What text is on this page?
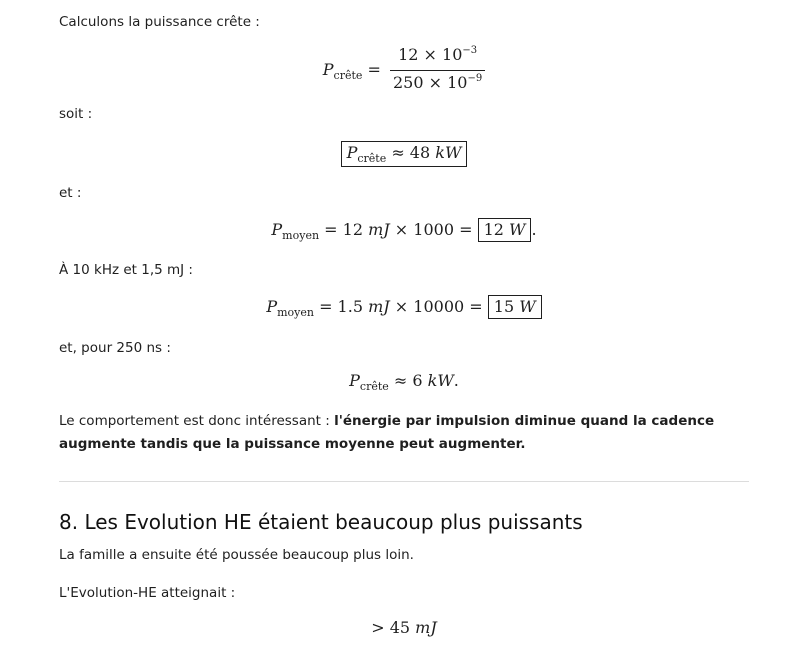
Calculons la puissance crête :
$P_{crête} = \frac{12 \times 10^{-3}}{250 \times 10^{-9}}$
soit :
$P_{crête} \approx 48$ kW
et :
$P_{moyen} = 12$ mJ × 1000 = 12 W .
À 10 kHz et 1,5 mJ :
$P_{moyen} = 1.5$ mJ × 10000 = 15 W
et, pour 250 ns :
$P_{crête} \approx 6$ kW.
Le comportement est donc intéressant : l'énergie par impulsion diminue quand la cadence augmente tandis que la puissance moyenne peut augmenter.
8. Les Evolution HE étaient beaucoup plus puissants
La famille a ensuite été poussée beaucoup plus loin.
L'Evolution-HE atteignait :
> 45 mJ
